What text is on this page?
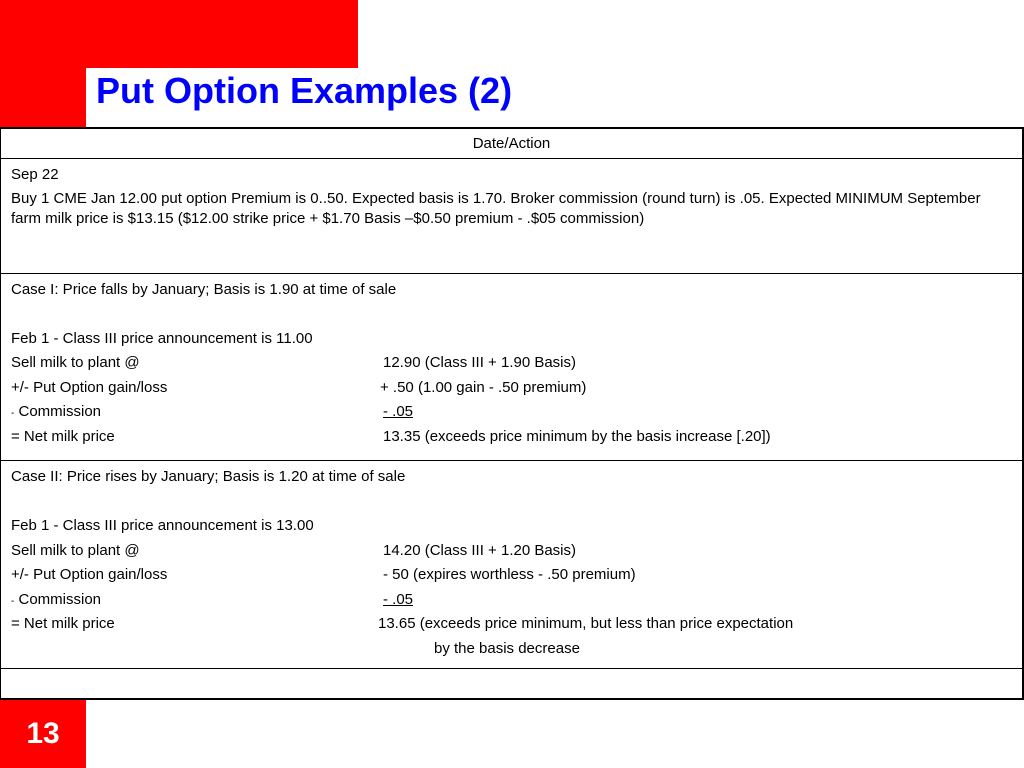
Put Option Examples (2)
Date/Action
Sep 22
Buy 1 CME Jan 12.00 put option Premium is 0..50. Expected basis is 1.70. Broker commission (round turn) is .05. Expected MINIMUM September farm milk price is $13.15 ($12.00 strike price + $1.70 Basis –$0.50 premium - .$05 commission)
Case I: Price falls by January; Basis is 1.90 at time of sale
Feb 1 - Class III price announcement is 11.00
Sell milk to plant @	12.90 (Class III + 1.90 Basis)
+/- Put Option gain/loss	+ .50 (1.00 gain - .50 premium)
- Commission	- .05
= Net milk price	13.35 (exceeds price minimum by the basis increase [.20])
Case II: Price rises by January; Basis is 1.20 at time of sale
Feb 1 - Class III price announcement is 13.00
Sell milk to plant @	14.20 (Class III + 1.20 Basis)
+/- Put Option gain/loss	- 50 (expires worthless - .50 premium)
- Commission	- .05
= Net milk price	13.65 (exceeds price minimum, but less than price expectation
by the basis decrease
13
